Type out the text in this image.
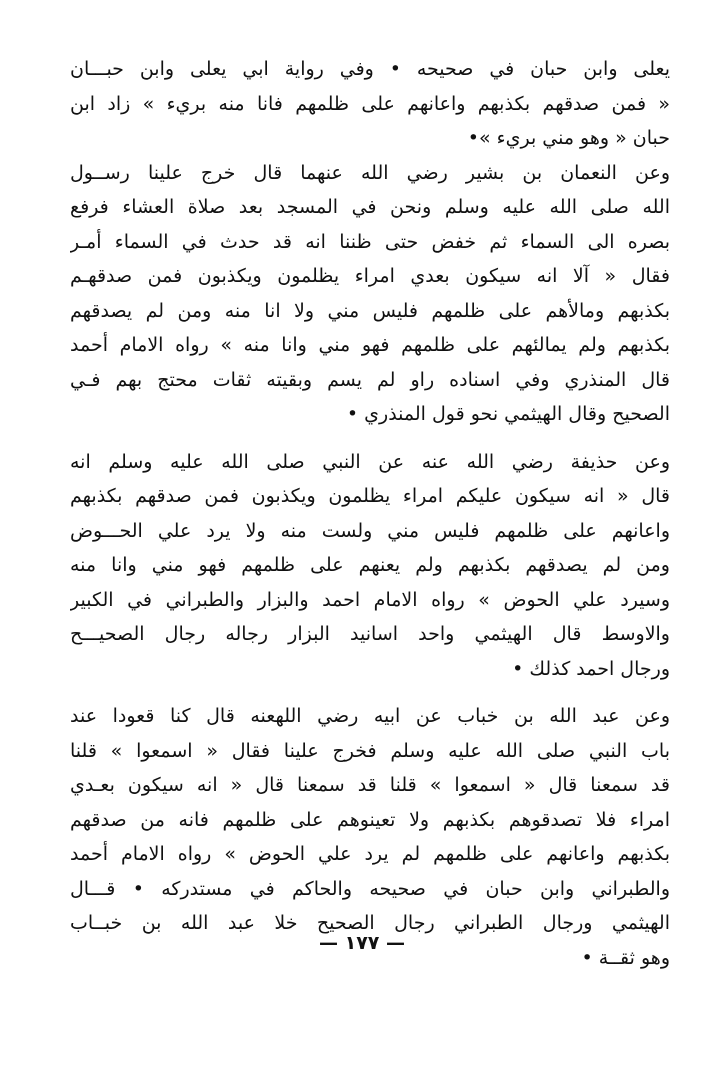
يعلى وابن حبان في صحيحه • وفي رواية ابي يعلى وابن حبـــان
« فمن صدقهم بكذبهم واعانهم على ظلمهم فانا منه بريء » زاد ابن
حبان « وهو مني بريء »•
وعن النعمان بن بشير رضي الله عنهما قال خرج علينا رســول
الله صلى الله عليه وسلم ونحن في المسجد بعد صلاة العشاء فرفع
بصره الى السماء ثم خفض حتى ظننا انه قد حدث في السماء أمـر
فقال « آلا انه سيكون بعدي امراء يظلمون ويكذبون فمن صدقهـم
بكذبهم ومالأهم على ظلمهم فليس مني ولا انا منه ومن لم يصدقهم
بكذبهم ولم يمالئهم على ظلمهم فهو مني وانا منه » رواه الامام أحمد
قال المنذري وفي اسناده راو لم يسم وبقيته ثقات محتج بهم فـي
الصحيح وقال الهيثمي نحو قول المنذري •
وعن حذيفة رضي الله عنه عن النبي صلى الله عليه وسلم انه
قال « انه سيكون عليكم امراء يظلمون ويكذبون فمن صدقهم بكذبهم
واعانهم على ظلمهم فليس مني ولست منه ولا يرد علي الحـــوض
ومن لم يصدقهم بكذبهم ولم يعنهم على ظلمهم فهو مني وانا منه
وسيرد علي الحوض » رواه الامام احمد والبزار والطبراني في الكبير
والاوسط قال الهيثمي واحد اسانيد البزار رجاله رجال الصحيـــح
ورجال احمد كذلك •
وعن عبد الله بن خباب عن ابيه رضي اللهعنه قال كنا قعودا عند
باب النبي صلى الله عليه وسلم فخرج علينا فقال « اسمعوا » قلنا
قد سمعنا قال « اسمعوا » قلنا قد سمعنا قال « انه سيكون بعـدي
امراء فلا تصدقوهم بكذبهم ولا تعينوهم على ظلمهم فانه من صدقهم
بكذبهم واعانهم على ظلمهم لم يرد علي الحوض » رواه الامام أحمد
والطبراني وابن حبان في صحيحه والحاكم في مستدركه • قـــال
الهيثمي ورجال الطبراني رجال الصحيح خلا عبد الله بن خبــاب
وهو ثقــة •
— ١٧٧ —
